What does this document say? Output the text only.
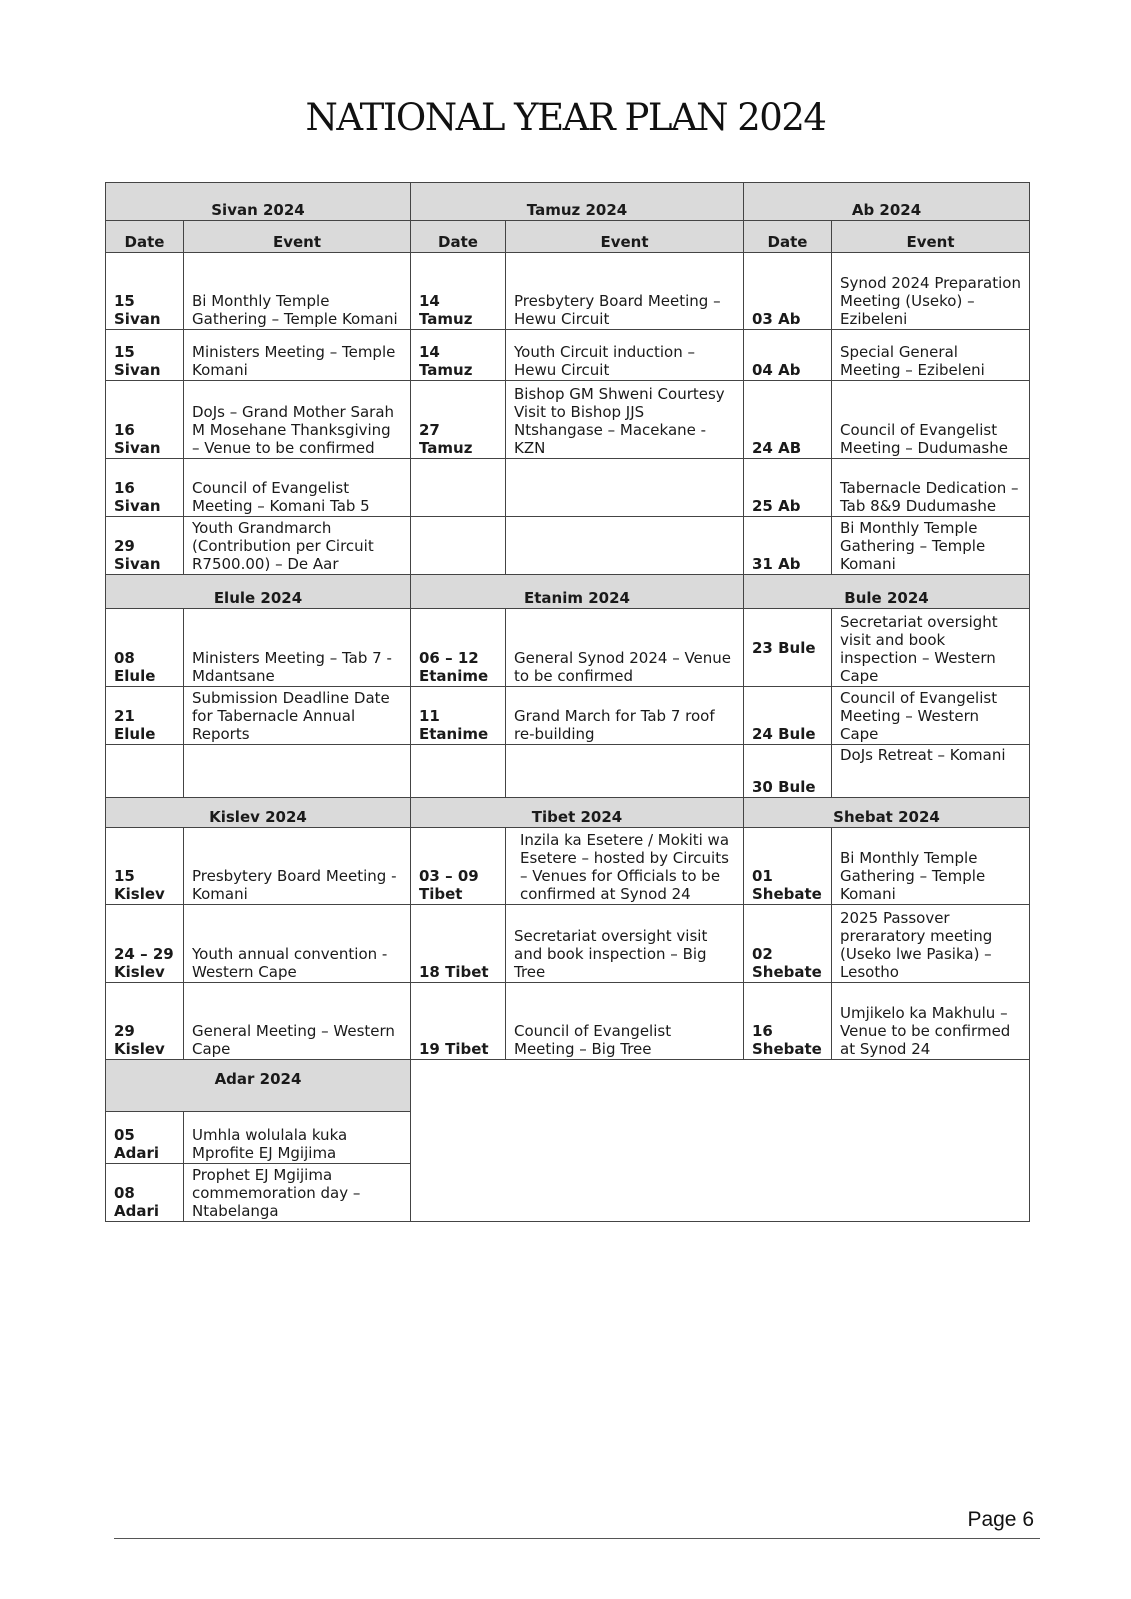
NATIONAL YEAR PLAN 2024
Sivan 2024		Tamuz 2024		Ab 2024	
Date	Event	Date	Event	Date	Event
15 Sivan	Bi Monthly Temple Gathering – Temple Komani	14 Tamuz	Presbytery Board Meeting – Hewu Circuit	03 Ab	Synod 2024 Preparation Meeting (Useko) – Ezibeleni
15 Sivan	Ministers Meeting – Temple Komani	14 Tamuz	Youth Circuit induction – Hewu Circuit	04 Ab	Special General Meeting – Ezibeleni
16 Sivan	DoJs – Grand Mother Sarah M Mosehane Thanksgiving – Venue to be confirmed	27 Tamuz	Bishop GM Shweni Courtesy Visit to Bishop JJS Ntshangase – Macekane - KZN	24 AB	Council of Evangelist Meeting – Dudumashe
16 Sivan	Council of Evangelist Meeting – Komani Tab 5			25 Ab	Tabernacle Dedication – Tab 8&9 Dudumashe
29 Sivan	Youth Grandmarch (Contribution per Circuit R7500.00) – De Aar			31 Ab	Bi Monthly Temple Gathering – Temple Komani
Elule 2024		Etanim 2024		Bule 2024	
08 Elule	Ministers Meeting – Tab 7 - Mdantsane	06 – 12 Etanime	General Synod 2024 – Venue to be confirmed	23 Bule	Secretariat oversight visit and book inspection – Western Cape
21 Elule	Submission Deadline Date for Tabernacle Annual Reports	11 Etanime	Grand March for Tab 7 roof re-building	24 Bule	Council of Evangelist Meeting – Western Cape
				30 Bule	DoJs Retreat – Komani
Kislev 2024		Tibet 2024		Shebat 2024	
15 Kislev	Presbytery Board Meeting - Komani	03 – 09 Tibet	Inzila ka Esetere / Mokiti wa Esetere – hosted by Circuits – Venues for Officials to be confirmed at Synod 24	01 Shebate	Bi Monthly Temple Gathering – Temple Komani
24 – 29 Kislev	Youth annual convention - Western Cape	18 Tibet	Secretariat oversight visit and book inspection – Big Tree	02 Shebate	2025 Passover preraratory meeting (Useko lwe Pasika) – Lesotho
29 Kislev	General Meeting – Western Cape	19 Tibet	Council of Evangelist Meeting – Big Tree	16 Shebate	Umjikelo ka Makhulu – Venue to be confirmed at Synod 24
Adar 2024					
05 Adari	Umhla wolulala kuka Mprofite EJ Mgijima				
08 Adari	Prophet EJ Mgijima commemoration day – Ntabelanga				
Page 6
